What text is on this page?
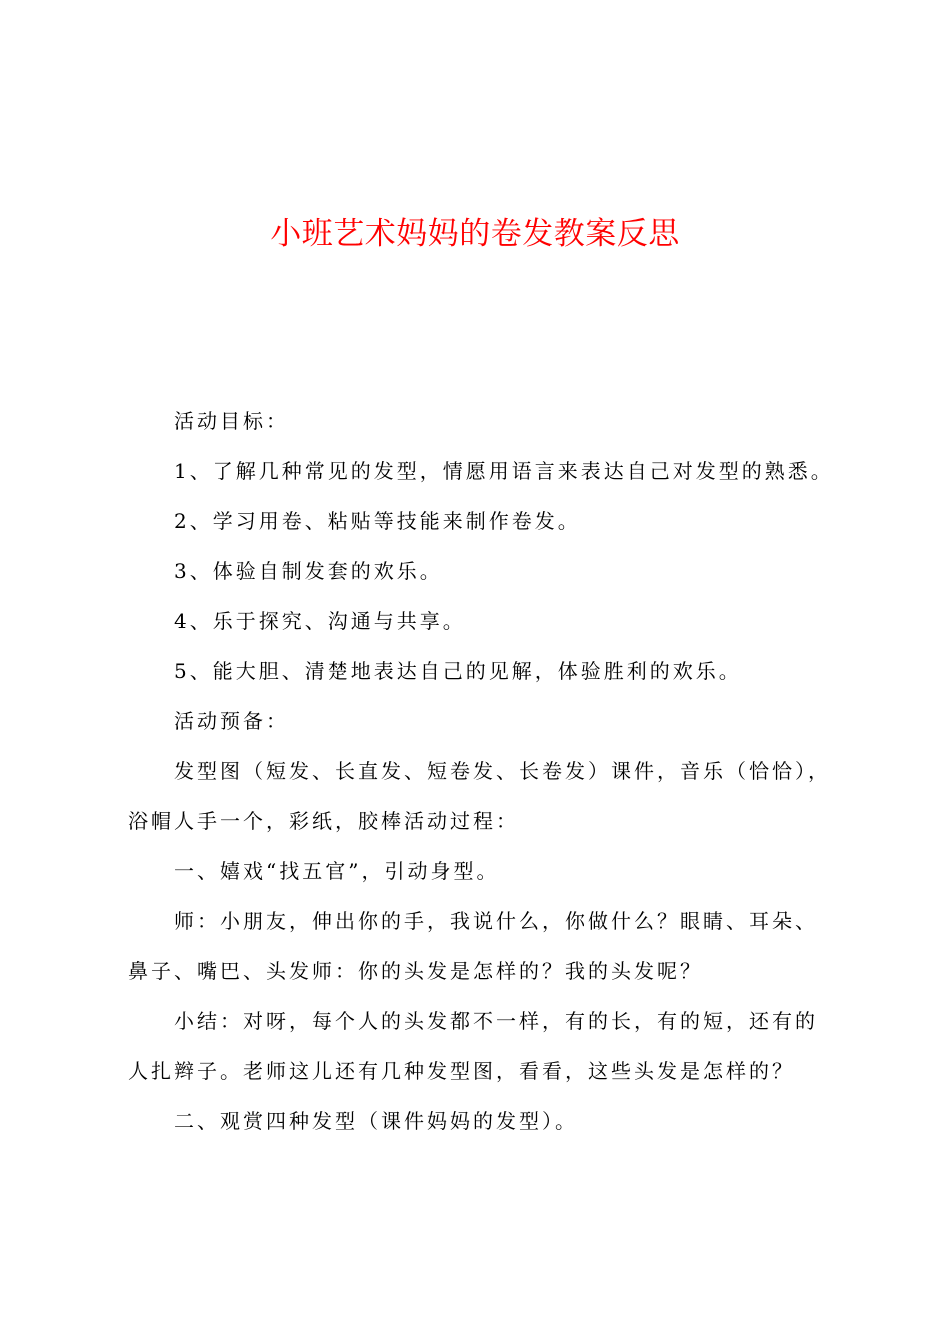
小班艺术妈妈的卷发教案反思

活动目标：

1、了解几种常见的发型，情愿用语言来表达自己对发型的熟悉。

2、学习用卷、粘贴等技能来制作卷发。

3、体验自制发套的欢乐。

4、乐于探究、沟通与共享。

5、能大胆、清楚地表达自己的见解，体验胜利的欢乐。

活动预备：

发型图（短发、长直发、短卷发、长卷发）课件，音乐（恰恰），浴帽人手一个，彩纸，胶棒活动过程：

一、嬉戏“找五官”，引动身型。

师：小朋友，伸出你的手，我说什么，你做什么？眼睛、耳朵、鼻子、嘴巴、头发师：你的头发是怎样的？我的头发呢？

小结：对呀，每个人的头发都不一样，有的长，有的短，还有的人扎辫子。老师这儿还有几种发型图，看看，这些头发是怎样的？

二、观赏四种发型（课件妈妈的发型）。
